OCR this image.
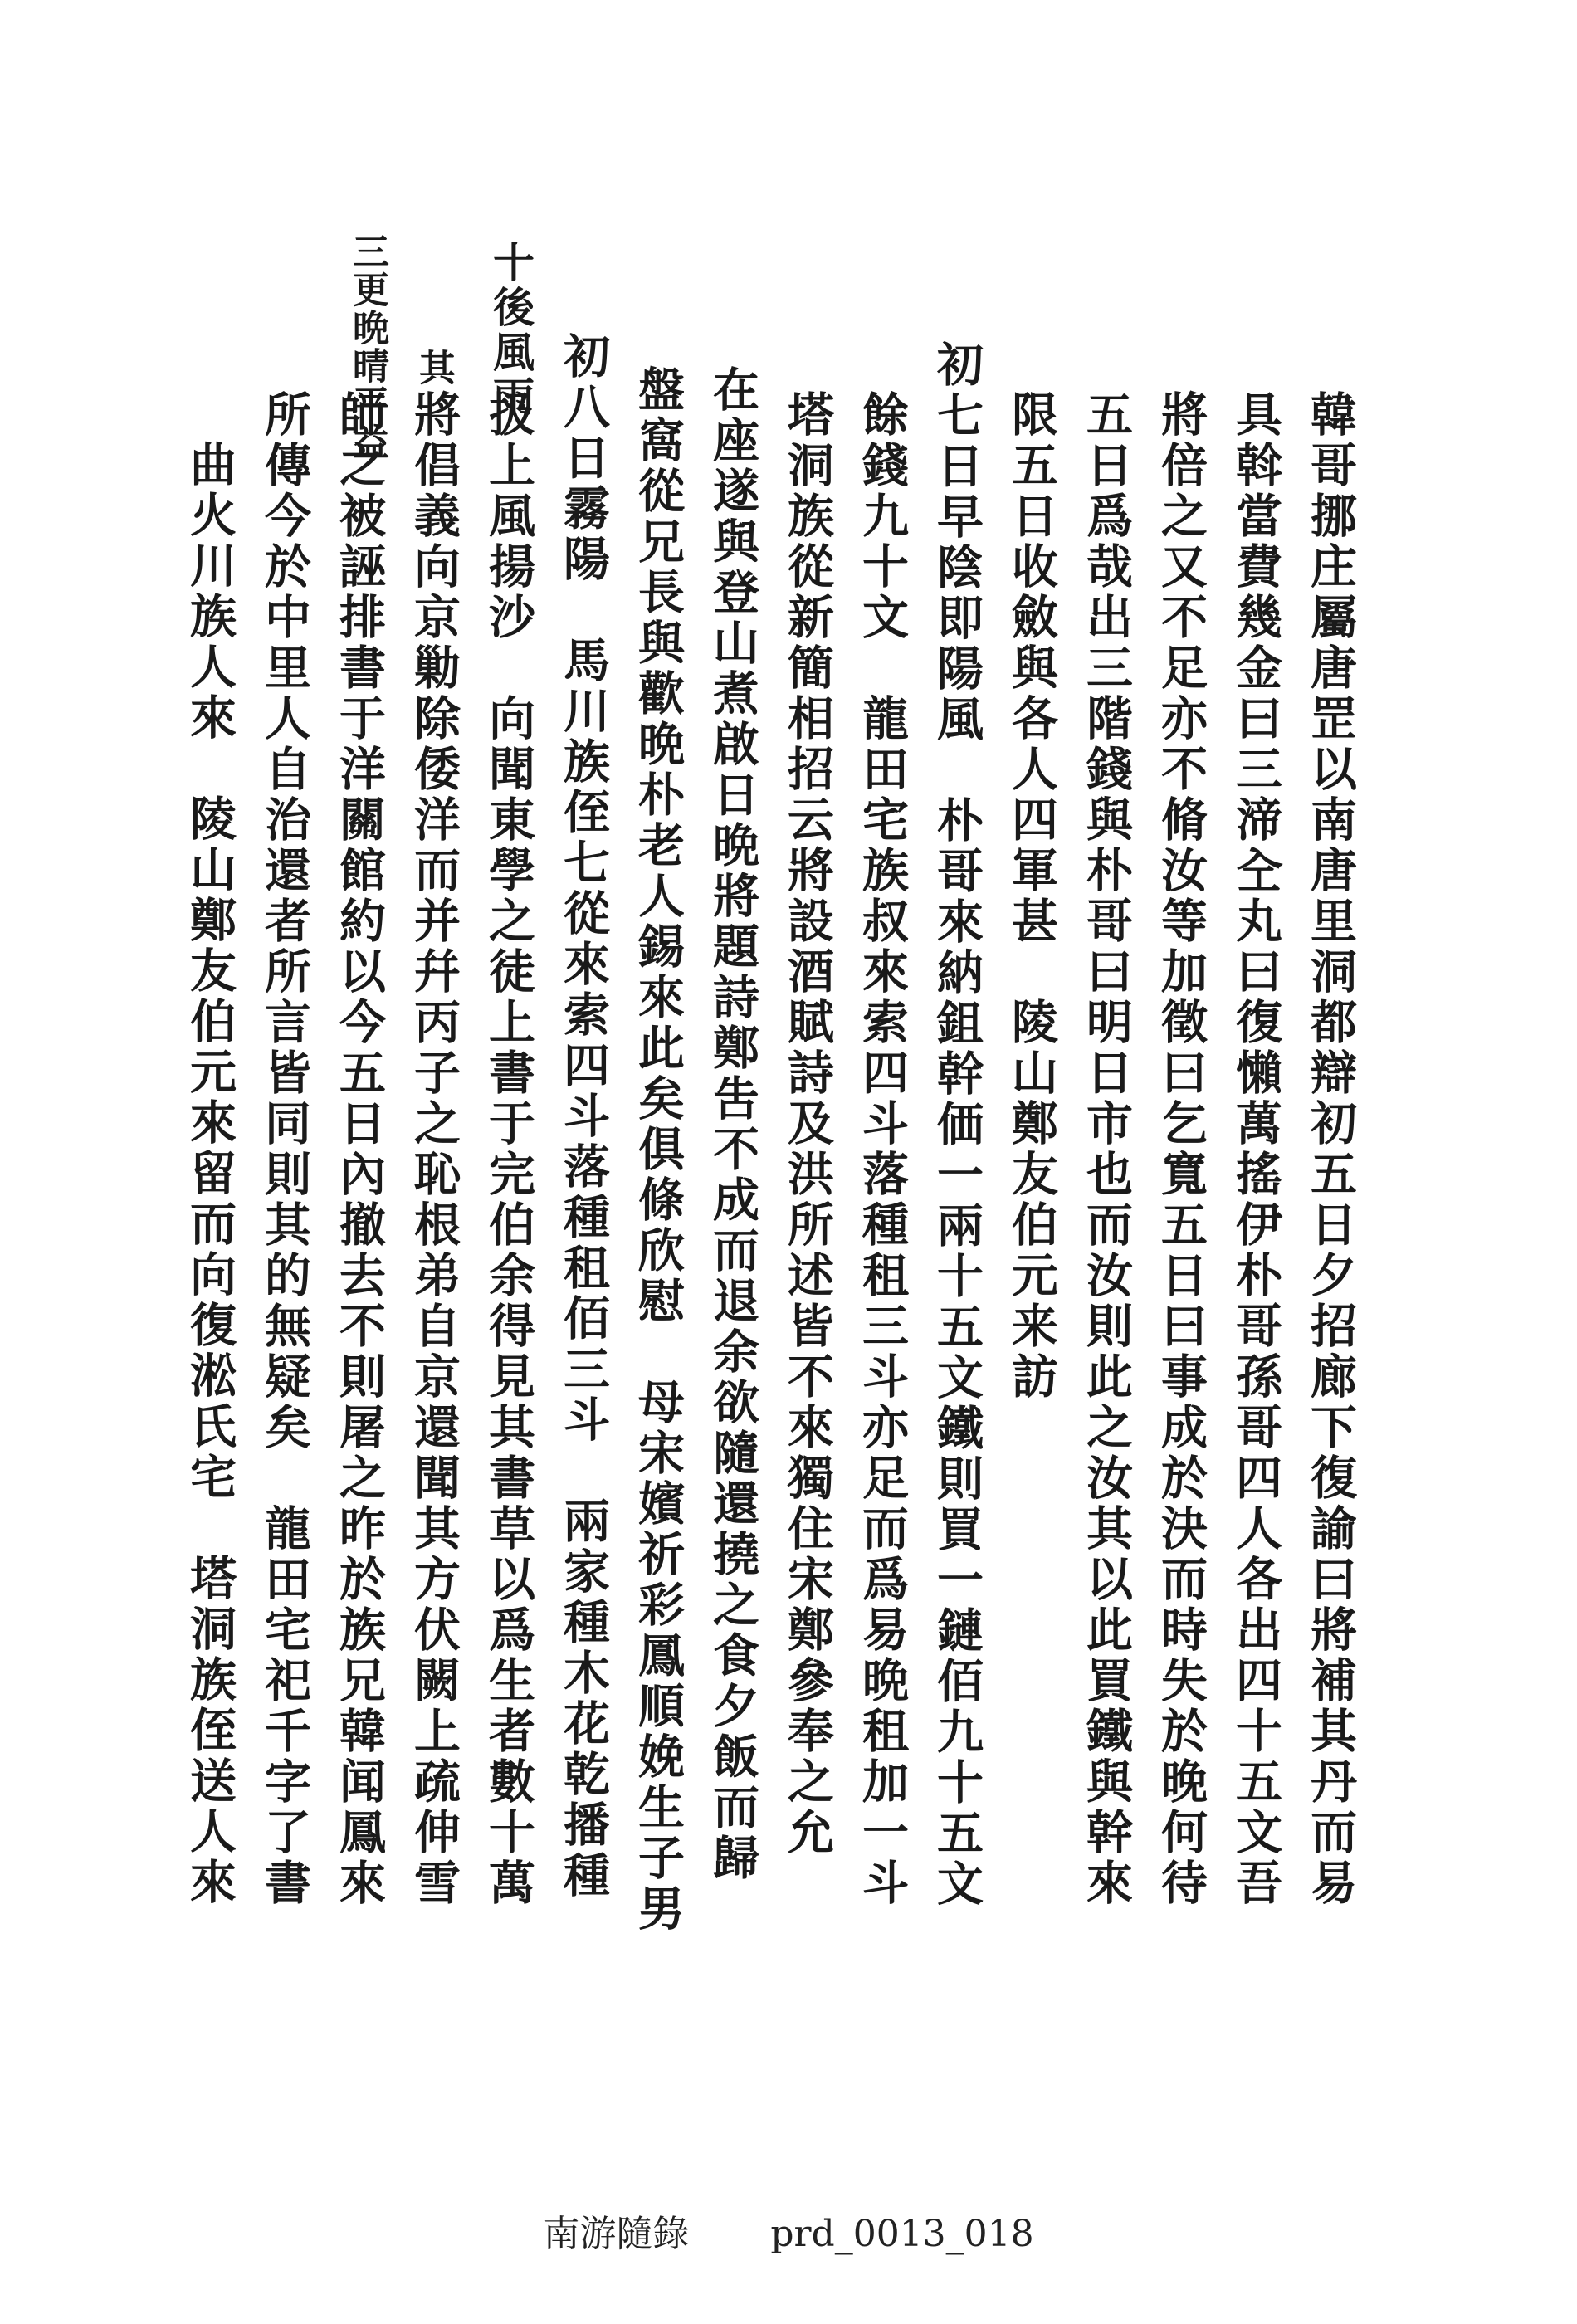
韓哥挪庄屬唐罡以南唐里洞都辯初五日夕招廊下復諭曰將補其丹而易
具斡當費幾金曰三渧㒰丸曰復懶萬搖伊朴哥孫哥四人各出四十五文吾
將倍之又不足亦不脩汝等加徵曰乞寬五日曰事成於決而時失於晚何待
五日爲哉出三階錢與朴哥曰明日市也而汝則此之汝其以此買鐵與幹來
限五日收斂與各人四軍甚　陵山鄭友伯元来訪
初七日早陰即陽風　朴哥來納鉏幹価一兩十五文鐵則買一鏈佰九十五文
餘錢九十文　龍田宅族叔來索四斗落種租三斗亦足而爲易晩租加一斗
塔洞族從新簡相招云將設酒賦詩及洪所述皆不來獨住宋鄭參奉之允
在座遂與登山煮啟日晩將題詩鄭吿不成而退余欲隨還撓之食夕飯而歸
盤窩從兄長與歡晩朴老人錫來此矣俱條欣慰　母宋嬪祈彩鳳順娩生子男
初八日霧陽　馬川族侄七從來索四斗落種租佰三斗　兩家種木花乾播種
扱上風揚沙　向聞東學之徒上書于完伯余得見其書草以爲生者數十萬
將倡義向京勦除倭洋而并幷丙子之恥根弟自京還聞其方伏闕上疏伸雪
師之被誣排書于洋關館約以今五日內撤去不則屠之昨於族兄韓闻鳳來
所傳今於中里人自治還者所言皆同則其的無疑矣　龍田宅祀千字了書
曲火川族人來　陵山鄭友伯元來留而向復淞氏宅　塔洞族侄送人來
十後風雨
三更晩晴平益 其
南游隨錄 prd_0013_018
